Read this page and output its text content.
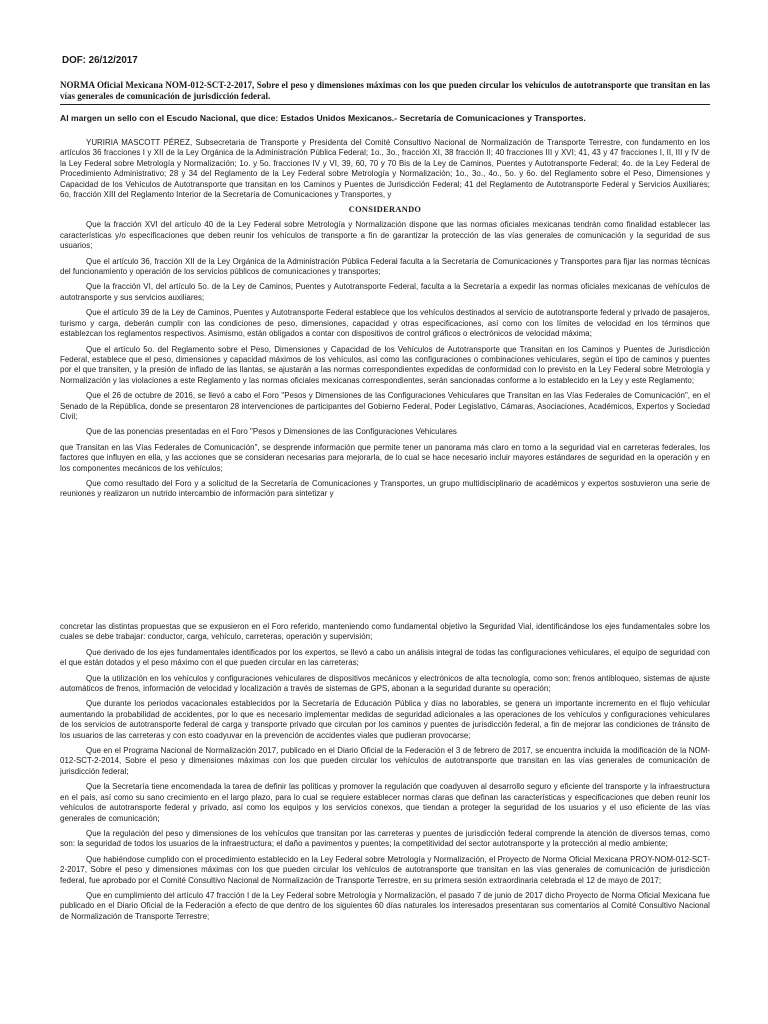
DOF: 26/12/2017
NORMA Oficial Mexicana NOM-012-SCT-2-2017, Sobre el peso y dimensiones máximas con los que pueden circular los vehículos de autotransporte que transitan en las vías generales de comunicación de jurisdicción federal.
Al margen un sello con el Escudo Nacional, que dice: Estados Unidos Mexicanos.- Secretaría de Comunicaciones y Transportes.

YURIRIA MASCOTT PÉREZ, Subsecretaria de Transporte y Presidenta del Comité Consultivo Nacional de Normalización de Transporte Terrestre, con fundamento en los artículos 36 fracciones I y XII de la Ley Orgánica de la Administración Pública Federal; 1o., 3o., fracción XI, 38 fracción II; 40 fracciones III y XVI; 41, 43 y 47 fracciones I, II, III y IV de la Ley Federal sobre Metrología y Normalización; 1o. y 5o. fracciones IV y VI, 39, 60, 70 y 70 Bis de la Ley de Caminos, Puentes y Autotransporte Federal; 4o. de la Ley Federal de Procedimiento Administrativo; 28 y 34 del Reglamento de la Ley Federal sobre Metrología y Normalización; 1o., 3o., 4o., 5o. y 6o. del Reglamento sobre el Peso, Dimensiones y Capacidad de los Vehículos de Autotransporte que transitan en los Caminos y Puentes de Jurisdicción Federal; 41 del Reglamento de Autotransporte Federal y Servicios Auxiliares; 6o, fracción XIII del Reglamento Interior de la Secretaría de Comunicaciones y Transportes, y

CONSIDERANDO

Que la fracción XVI del artículo 40 de la Ley Federal sobre Metrología y Normalización dispone que las normas oficiales mexicanas tendrán como finalidad establecer las características y/o especificaciones que deben reunir los vehículos de transporte a fin de garantizar la protección de las vías generales de comunicación y la seguridad de sus usuarios;

Que el artículo 36, fracción XII de la Ley Orgánica de la Administración Pública Federal faculta a la Secretaría de Comunicaciones y Transportes para fijar las normas técnicas del funcionamiento y operación de los servicios públicos de comunicaciones y transportes;

Que la fracción VI, del artículo 5o. de la Ley de Caminos, Puentes y Autotransporte Federal, faculta a la Secretaría a expedir las normas oficiales mexicanas de vehículos de autotransporte y sus servicios auxiliares;

Que el artículo 39 de la Ley de Caminos, Puentes y Autotransporte Federal establece que los vehículos destinados al servicio de autotransporte federal y privado de pasajeros, turismo y carga, deberán cumplir con las condiciones de peso, dimensiones, capacidad y otras especificaciones, así como con los límites de velocidad en los términos que establezcan los reglamentos respectivos. Asimismo, están obligados a contar con dispositivos de control gráficos o electrónicos de velocidad máxima;

Que el artículo 5o. del Reglamento sobre el Peso, Dimensiones y Capacidad de los Vehículos de Autotransporte que Transitan en los Caminos y Puentes de Jurisdicción Federal, establece que el peso, dimensiones y capacidad máximos de los vehículos, así como las configuraciones o combinaciones vehiculares, según el tipo de caminos y puentes por el que transiten, y la presión de inflado de las llantas, se ajustarán a las normas correspondientes expedidas de conformidad con lo previsto en la Ley Federal sobre Metrología y Normalización y las violaciones a este Reglamento y las normas oficiales mexicanas correspondientes, serán sancionadas conforme a lo establecido en la Ley y este Reglamento;

Que el 26 de octubre de 2016, se llevó a cabo el Foro "Pesos y Dimensiones de las Configuraciones Vehiculares que Transitan en las Vías Federales de Comunicación", en el Senado de la República, donde se presentaron 28 intervenciones de participantes del Gobierno Federal, Poder Legislativo, Cámaras, Asociaciones, Académicos, Expertos y Sociedad Civil;

Que de las ponencias presentadas en el Foro "Pesos y Dimensiones de las Configuraciones Vehiculares

que Transitan en las Vías Federales de Comunicación", se desprende información que permite tener un panorama más claro en torno a la seguridad vial en carreteras federales, los factores que influyen en ella, y las acciones que se consideran necesarias para mejorarla, de lo cual se hace necesario incluir mayores estándares de seguridad en la operación y en los componentes mecánicos de los vehículos;

Que como resultado del Foro y a solicitud de la Secretaría de Comunicaciones y Transportes, un grupo multidisciplinario de académicos y expertos sostuvieron una serie de reuniones y realizaron un nutrido intercambio de información para sintetizar y

concretar las distintas propuestas que se expusieron en el Foro referido, manteniendo como fundamental objetivo la Seguridad Vial, identificándose los ejes fundamentales sobre los cuales se debe trabajar: conductor, carga, vehículo, carreteras, operación y supervisión;

Que derivado de los ejes fundamentales identificados por los expertos, se llevó a cabo un análisis integral de todas las configuraciones vehiculares, el equipo de seguridad con el que están dotados y el peso máximo con el que pueden circular en las carreteras;

Que la utilización en los vehículos y configuraciones vehiculares de dispositivos mecánicos y electrónicos de alta tecnología, como son: frenos antibloqueo, sistemas de ajuste automáticos de frenos, información de velocidad y localización a través de sistemas de GPS, abonan a la seguridad durante su operación;

Que durante los periodos vacacionales establecidos por la Secretaría de Educación Pública y días no laborables, se genera un importante incremento en el flujo vehicular aumentando la probabilidad de accidentes, por lo que es necesario implementar medidas de seguridad adicionales a las operaciones de los vehículos y configuraciones vehiculares de los servicios de autotransporte federal de carga y transporte privado que circulan por los caminos y puentes de jurisdicción federal, a fin de mejorar las condiciones de tránsito de los usuarios de las carreteras y con esto coadyuvar en la prevención de accidentes viales que pudieran provocarse;

Que en el Programa Nacional de Normalización 2017, publicado en el Diario Oficial de la Federación el 3 de febrero de 2017, se encuentra incluida la modificación de la NOM-012-SCT-2-2014, Sobre el peso y dimensiones máximas con los que pueden circular los vehículos de autotransporte que transitan en las vías generales de comunicación de jurisdicción federal;

Que la Secretaría tiene encomendada la tarea de definir las políticas y promover la regulación que coadyuven al desarrollo seguro y eficiente del transporte y la infraestructura en el país, así como su sano crecimiento en el largo plazo, para lo cual se requiere establecer normas claras que definan las características y especificaciones que deben reunir los vehículos de autotransporte federal y privado, así como los equipos y los servicios conexos, que tiendan a proteger la seguridad de los usuarios y el uso eficiente de las vías generales de comunicación;

Que la regulación del peso y dimensiones de los vehículos que transitan por las carreteras y puentes de jurisdicción federal comprende la atención de diversos temas, como son: la seguridad de todos los usuarios de la infraestructura; el daño a pavimentos y puentes; la competitividad del sector autotransporte y la protección al medio ambiente;

Que habiéndose cumplido con el procedimiento establecido en la Ley Federal sobre Metrología y Normalización, el Proyecto de Norma Oficial Mexicana PROY-NOM-012-SCT-2-2017, Sobre el peso y dimensiones máximas con los que pueden circular los vehículos de autotransporte que transitan en las vías generales de comunicación de jurisdicción federal, fue aprobado por el Comité Consultivo Nacional de Normalización de Transporte Terrestre, en su primera sesión extraordinaria celebrada el 12 de mayo de 2017;

Que en cumplimiento del artículo 47 fracción I de la Ley Federal sobre Metrología y Normalización, el pasado 7 de junio de 2017 dicho Proyecto de Norma Oficial Mexicana fue publicado en el Diario Oficial de la Federación a efecto de que dentro de los siguientes 60 días naturales los interesados presentaran sus comentarios al Comité Consultivo Nacional de Normalización de Transporte Terrestre;
